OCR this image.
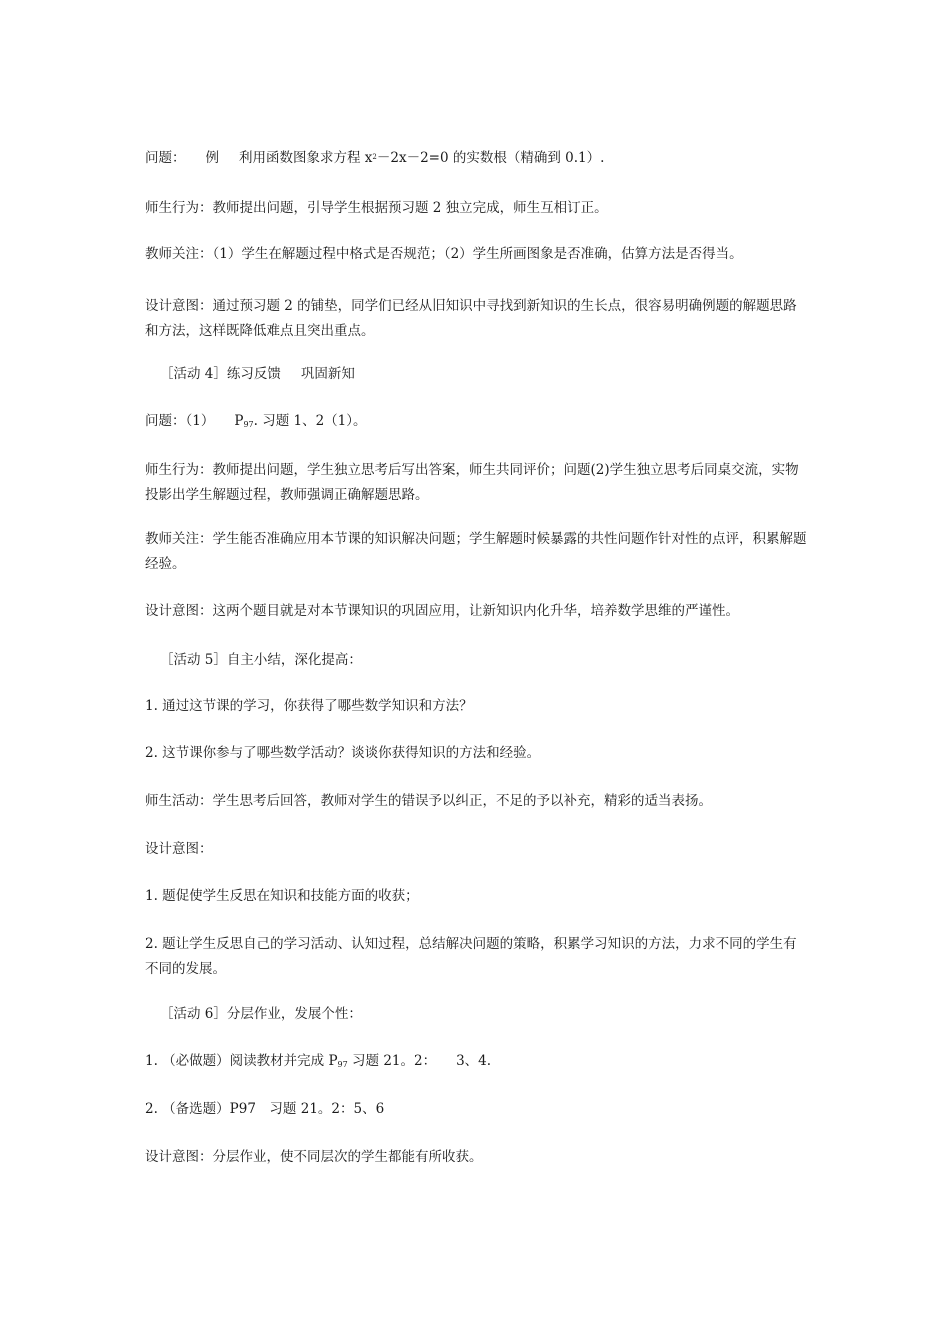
问题： 例 利用函数图象求方程 $x^2-2x-2=0$ 的实数根（精确到 0.1）.

师生行为：教师提出问题，引导学生根据预习题 2 独立完成，师生互相订正。

教师关注：（1）学生在解题过程中格式是否规范；（2）学生所画图象是否准确，估算方法是否得当。

设计意图：通过预习题 2 的铺垫，同学们已经从旧知识中寻找到新知识的生长点，很容易明确例题的解题思路和方法，这样既降低难点且突出重点。

［活动 4］练习反馈 巩固新知

问题：（1） $P_{97}$. 习题 1、2（1）。

师生行为：教师提出问题，学生独立思考后写出答案，师生共同评价；问题(2)学生独立思考后同桌交流，实物投影出学生解题过程，教师强调正确解题思路。

教师关注：学生能否准确应用本节课的知识解决问题；学生解题时候暴露的共性问题作针对性的点评，积累解题经验。

设计意图：这两个题目就是对本节课知识的巩固应用，让新知识内化升华，培养数学思维的严谨性。

［活动 5］自主小结，深化提高：

1. 通过这节课的学习，你获得了哪些数学知识和方法？

2. 这节课你参与了哪些数学活动？谈谈你获得知识的方法和经验。

师生活动：学生思考后回答，教师对学生的错误予以纠正，不足的予以补充，精彩的适当表扬。

设计意图：

1. 题促使学生反思在知识和技能方面的收获；

2. 题让学生反思自己的学习活动、认知过程，总结解决问题的策略，积累学习知识的方法，力求不同的学生有不同的发展。

［活动 6］分层作业，发展个性：

1. （必做题）阅读教材并完成 $P_{97}$ 习题 21。2： 3、4.

2. （备选题）P97　习题 21。2：5、6

设计意图：分层作业，使不同层次的学生都能有所收获。
